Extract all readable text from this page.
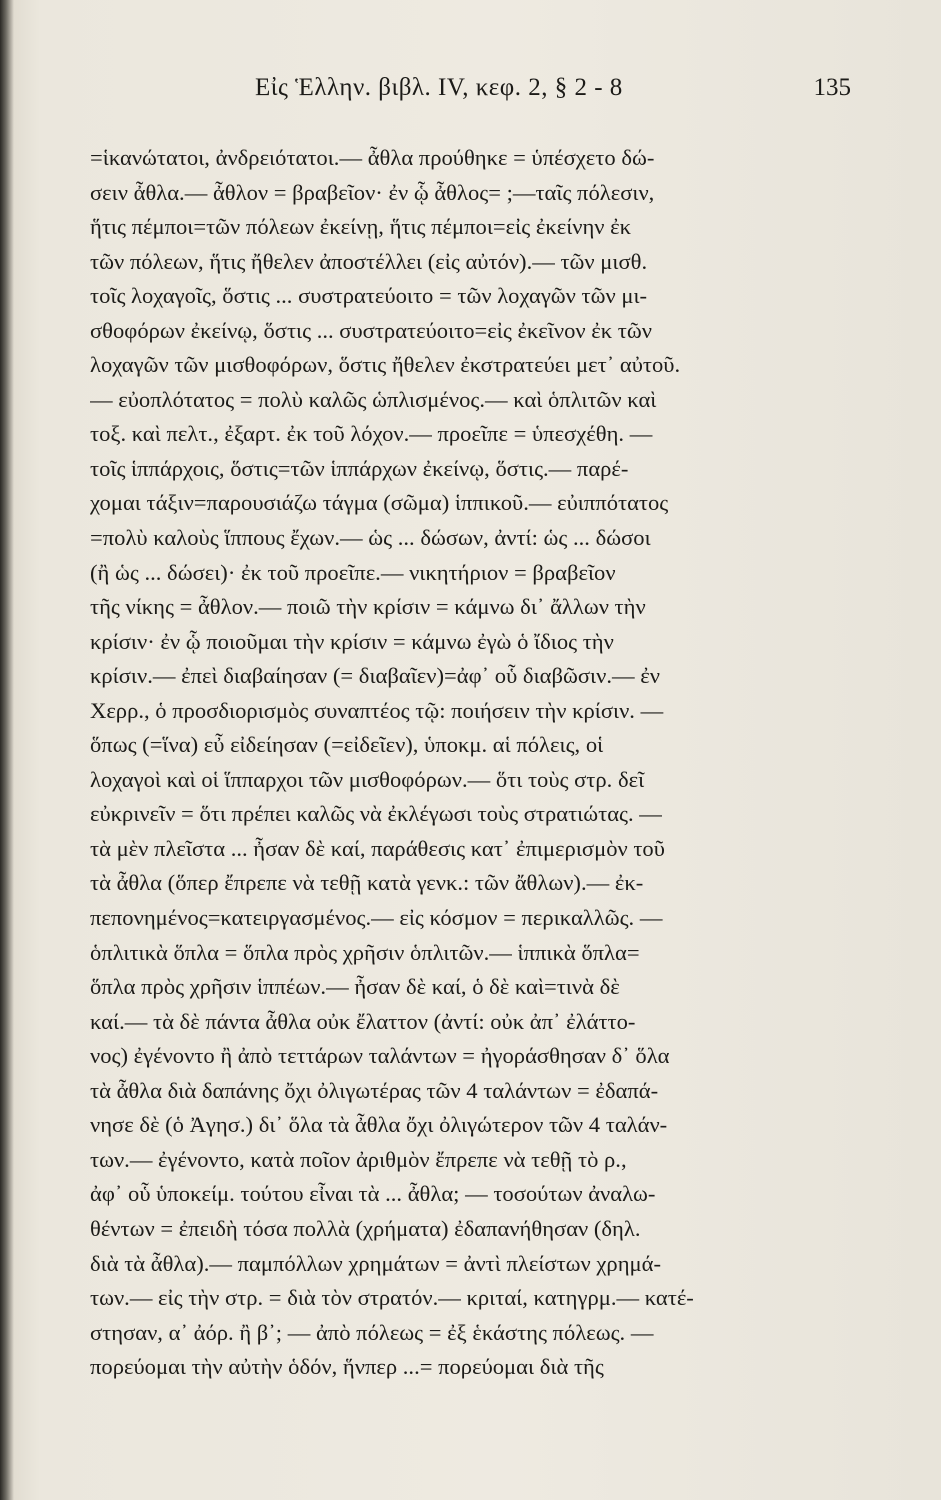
Εἰς Ἑλλην. βιβλ. IV, κεφ. 2, § 2 - 8	135
=ἱκανώτατοι, ἀνδρειότατοι.— ἆθλα προύθηκε = ὑπέσχετο δώ-
σειν ἆθλα.— ἆθλον = βραβεῖον· ἐν ᾧ ἆθλος= ;—ταῖς πόλεσιν,
ἥτις πέμποι=τῶν πόλεων ἐκείνῃ, ἥτις πέμποι=εἰς ἐκείνην ἐκ
τῶν πόλεων, ἥτις ἤθελεν ἀποστέλλει (εἰς αὐτόν).— τῶν μισθ.
τοῖς λοχαγοῖς, ὅστις ... συστρατεύοιτο = τῶν λοχαγῶν τῶν μι-
σθοφόρων ἐκείνῳ, ὅστις ... συστρατεύοιτο=εἰς ἐκεῖνον ἐκ τῶν
λοχαγῶν τῶν μισθοφόρων, ὅστις ἤθελεν ἐκστρατεύει μετ᾽ αὐτοῦ.
— εὐοπλότατος = πολὺ καλῶς ὡπλισμένος.— καὶ ὁπλιτῶν καὶ
τοξ. καὶ πελτ., ἐξαρτ. ἐκ τοῦ λόχον.— προεῖπε = ὑπεσχέθη. —
τοῖς ἱππάρχοις, ὅστις=τῶν ἱππάρχων ἐκείνῳ, ὅστις.— παρέ-
χομαι τάξιν=παρουσιάζω τάγμα (σῶμα) ἱππικοῦ.— εὐιππότατος
=πολὺ καλοὺς ἵππους ἔχων.— ὡς ... δώσων, ἀντί: ὡς ... δώσοι
(ἢ ὡς ... δώσει)· ἐκ τοῦ προεῖπε.— νικητήριον = βραβεῖον
τῆς νίκης = ἆθλον.— ποιῶ τὴν κρίσιν = κάμνω δι᾽ ἄλλων τὴν
κρίσιν· ἐν ᾧ ποιοῦμαι τὴν κρίσιν = κάμνω ἐγὼ ὁ ἴδιος τὴν
κρίσιν.— ἐπεὶ διαβαίησαν (= διαβαῖεν)=ἀφ᾽ οὗ διαβῶσιν.— ἐν
Χερρ., ὁ προσδιορισμὸς συναπτέος τῷ: ποιήσειν τὴν κρίσιν. —
ὅπως (=ἵνα) εὖ εἰδείησαν (=εἰδεῖεν), ὑποκμ. αἱ πόλεις, οἱ
λοχαγοὶ καὶ οἱ ἵππαρχοι τῶν μισθοφόρων.— ὅτι τοὺς στρ. δεῖ
εὐκρινεῖν = ὅτι πρέπει καλῶς νὰ ἐκλέγωσι τοὺς στρατιώτας. —
τὰ μὲν πλεῖστα ... ἦσαν δὲ καί, παράθεσις κατ᾽ ἐπιμερισμὸν τοῦ
τὰ ἆθλα (ὅπερ ἔπρεπε νὰ τεθῇ κατὰ γενκ.: τῶν ἄθλων).— ἐκ-
πεπονημένος=κατειργασμένος.— εἰς κόσμον = περικαλλῶς. —
ὁπλιτικὰ ὅπλα = ὅπλα πρὸς χρῆσιν ὁπλιτῶν.— ἱππικὰ ὅπλα=
ὅπλα πρὸς χρῆσιν ἱππέων.— ἦσαν δὲ καί, ὁ δὲ καὶ=τινὰ δὲ
καί.— τὰ δὲ πάντα ἆθλα οὐκ ἔλαττον (ἀντί: οὐκ ἀπ᾽ ἐλάττο-
νος) ἐγένοντο ἢ ἀπὸ τεττάρων ταλάντων = ἠγοράσθησαν δ᾽ ὅλα
τὰ ἆθλα διὰ δαπάνης ὄχι ὀλιγωτέρας τῶν 4 ταλάντων = ἐδαπά-
νησε δὲ (ὁ Ἀγησ.) δι᾽ ὅλα τὰ ἆθλα ὄχι ὀλιγώτερον τῶν 4 ταλάν-
των.— ἐγένοντο, κατὰ ποῖον ἀριθμὸν ἔπρεπε νὰ τεθῇ τὸ ρ.,
ἀφ᾽ οὗ ὑποκείμ. τούτου εἶναι τὰ ... ἆθλα; — τοσούτων ἀναλω-
θέντων = ἐπειδὴ τόσα πολλὰ (χρήματα) ἐδαπανήθησαν (δηλ.
διὰ τὰ ἆθλα).— παμπόλλων χρημάτων = ἀντὶ πλείστων χρημά-
των.— εἰς τὴν στρ. = διὰ τὸν στρατόν.— κριταί, κατηγρμ.— κατέ-
στησαν, α᾽ ἀόρ. ἢ β᾽; — ἀπὸ πόλεως = ἐξ ἑκάστης πόλεως. —
πορεύομαι τὴν αὐτὴν ὁδόν, ἥνπερ ...= πορεύομαι διὰ τῆς
